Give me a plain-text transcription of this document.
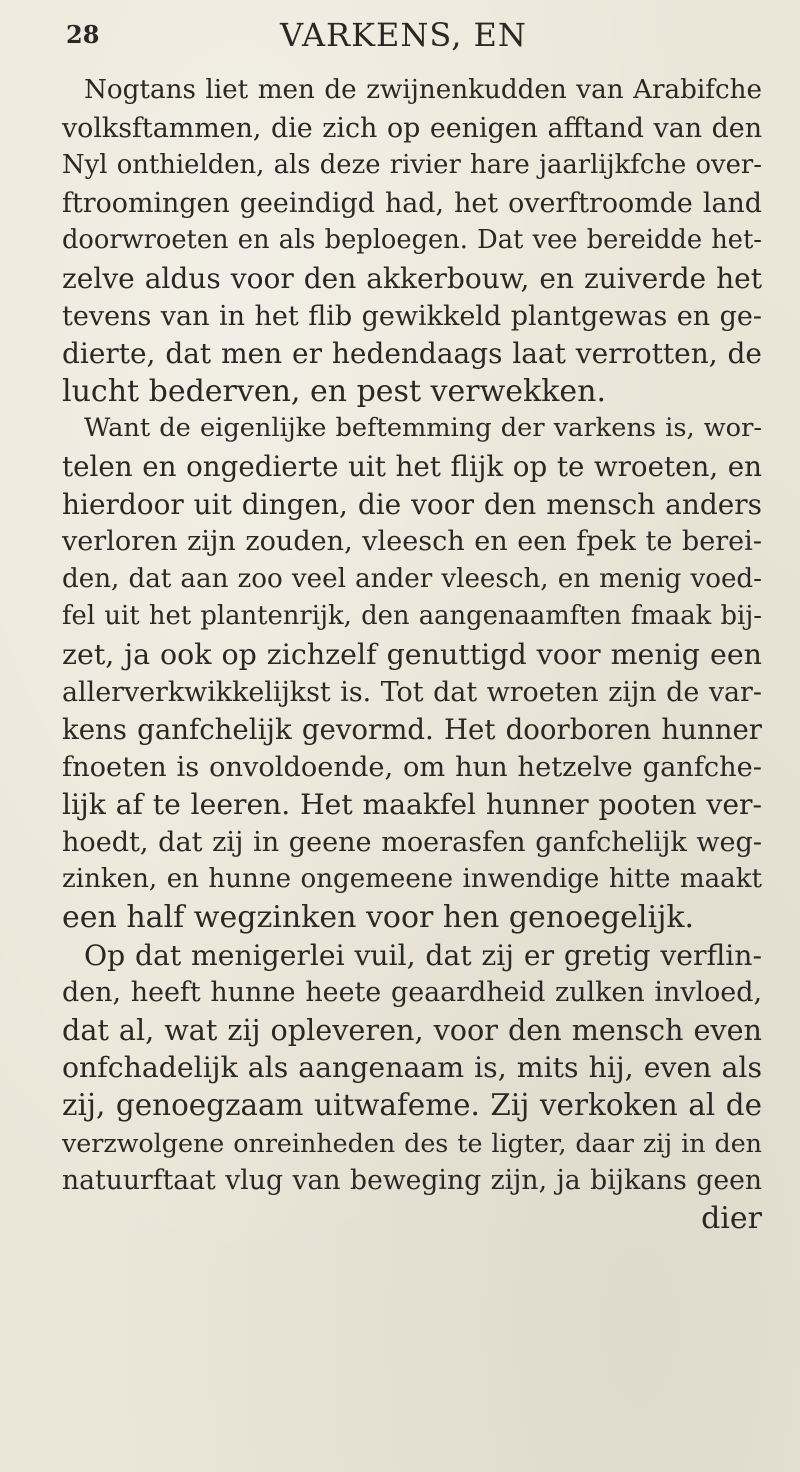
28	VARKENS, EN
Nogtans liet men de zwijnenkudden van Arabifche
volksftammen, die zich op eenigen afftand van den
Nyl onthielden, als deze rivier hare jaarlijkfche over-
ftroomingen geeindigd had, het overftroomde land
doorwroeten en als beploegen. Dat vee bereidde het-
zelve aldus voor den akkerbouw, en zuiverde het
tevens van in het flib gewikkeld plantgewas en ge-
dierte, dat men er hedendaags laat verrotten, de
lucht bederven, en pest verwekken.
Want de eigenlijke beftemming der varkens is, wor-
telen en ongedierte uit het flijk op te wroeten, en
hierdoor uit dingen, die voor den mensch anders
verloren zijn zouden, vleesch en een fpek te berei-
den, dat aan zoo veel ander vleesch, en menig voed-
fel uit het plantenrijk, den aangenaamften fmaak bij-
zet, ja ook op zichzelf genuttigd voor menig een
allerverkwikkelijkst is. Tot dat wroeten zijn de var-
kens ganfchelijk gevormd. Het doorboren hunner
fnoeten is onvoldoende, om hun hetzelve ganfche-
lijk af te leeren. Het maakfel hunner pooten ver-
hoedt, dat zij in geene moerasfen ganfchelijk weg-
zinken, en hunne ongemeene inwendige hitte maakt
een half wegzinken voor hen genoegelijk.
Op dat menigerlei vuil, dat zij er gretig verflin-
den, heeft hunne heete geaardheid zulken invloed,
dat al, wat zij opleveren, voor den mensch even
onfchadelijk als aangenaam is, mits hij, even als
zij, genoegzaam uitwafeme. Zij verkoken al de
verzwolgene onreinheden des te ligter, daar zij in den
natuurftaat vlug van beweging zijn, ja bijkans geen
dier
